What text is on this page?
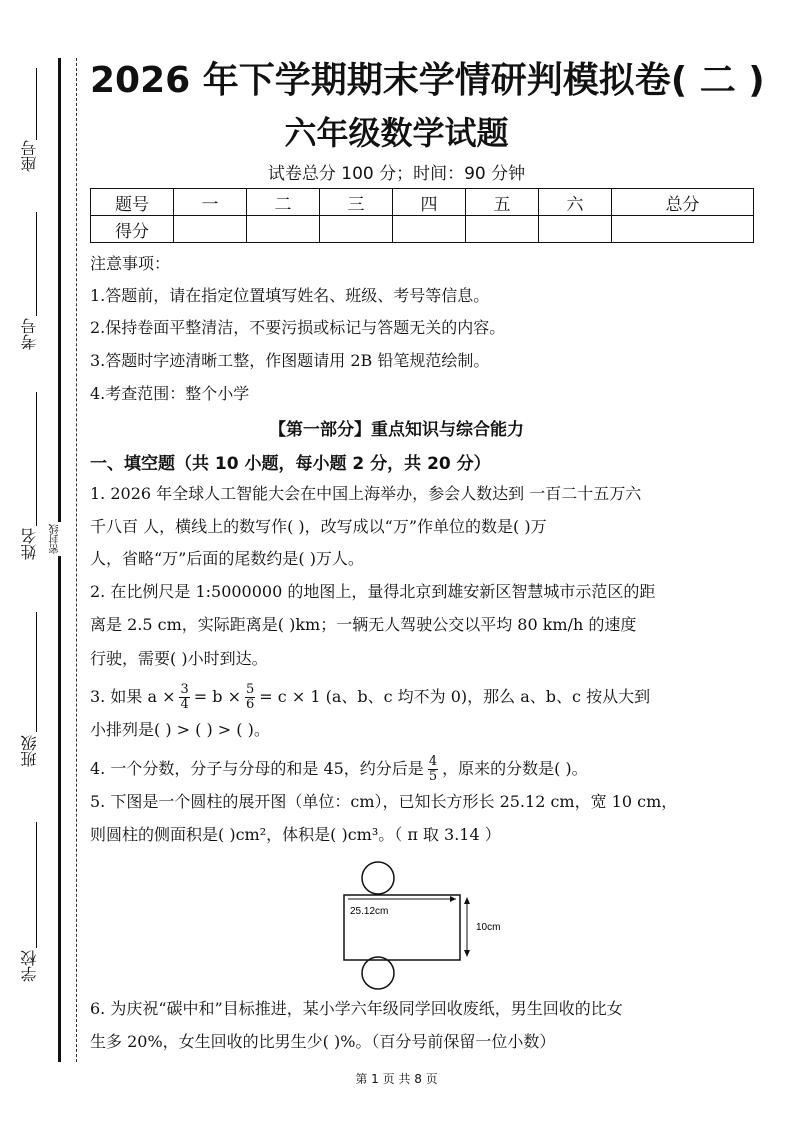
座号
考号
姓名 密封线
班级
学校
2026 年下学期期末学情研判模拟卷( 二 )
六年级数学试题
试卷总分 100 分；时间：90 分钟
题号	一	二	三	四	五	六	总分
得分							
注意事项：
1.答题前，请在指定位置填写姓名、班级、考号等信息。
2.保持卷面平整清洁，不要污损或标记与答题无关的内容。
3.答题时字迹清晰工整，作图题请用 2B 铅笔规范绘制。
4.考查范围：整个小学
【第一部分】重点知识与综合能力
一、填空题（共 10 小题，每小题 2 分，共 20 分）
1. 2026 年全球人工智能大会在中国上海举办，参会人数达到 一百二十五万六
千八百 人，横线上的数写作( )，改写成以“万”作单位的数是( )万
人，省略“万”后面的尾数约是( )万人。
2. 在比例尺是 1:5000000 的地图上，量得北京到雄安新区智慧城市示范区的距
离是 2.5 cm，实际距离是( )km；一辆无人驾驶公交以平均 80 km/h 的速度
行驶，需要( )小时到达。
3. 如果 $a \times \frac{3}{4} = b \times \frac{5}{6} = c \times 1$ (a、b、c 均不为 0)，那么 a、b、c 按从大到
小排列是( ) > ( ) > ( )。
4. 一个分数，分子与分母的和是 45，约分后是 $\frac{4}{5}$ ，原来的分数是( )。
5. 下图是一个圆柱的展开图（单位：cm），已知长方形长 25.12 cm，宽 10 cm，
则圆柱的侧面积是( )cm²，体积是( )cm³。（ π 取 3.14 ）
25.12cm
10cm
6. 为庆祝“碳中和”目标推进，某小学六年级同学回收废纸，男生回收的比女
生多 20%，女生回收的比男生少( )%。（百分号前保留一位小数）
第 1 页 共 8 页
